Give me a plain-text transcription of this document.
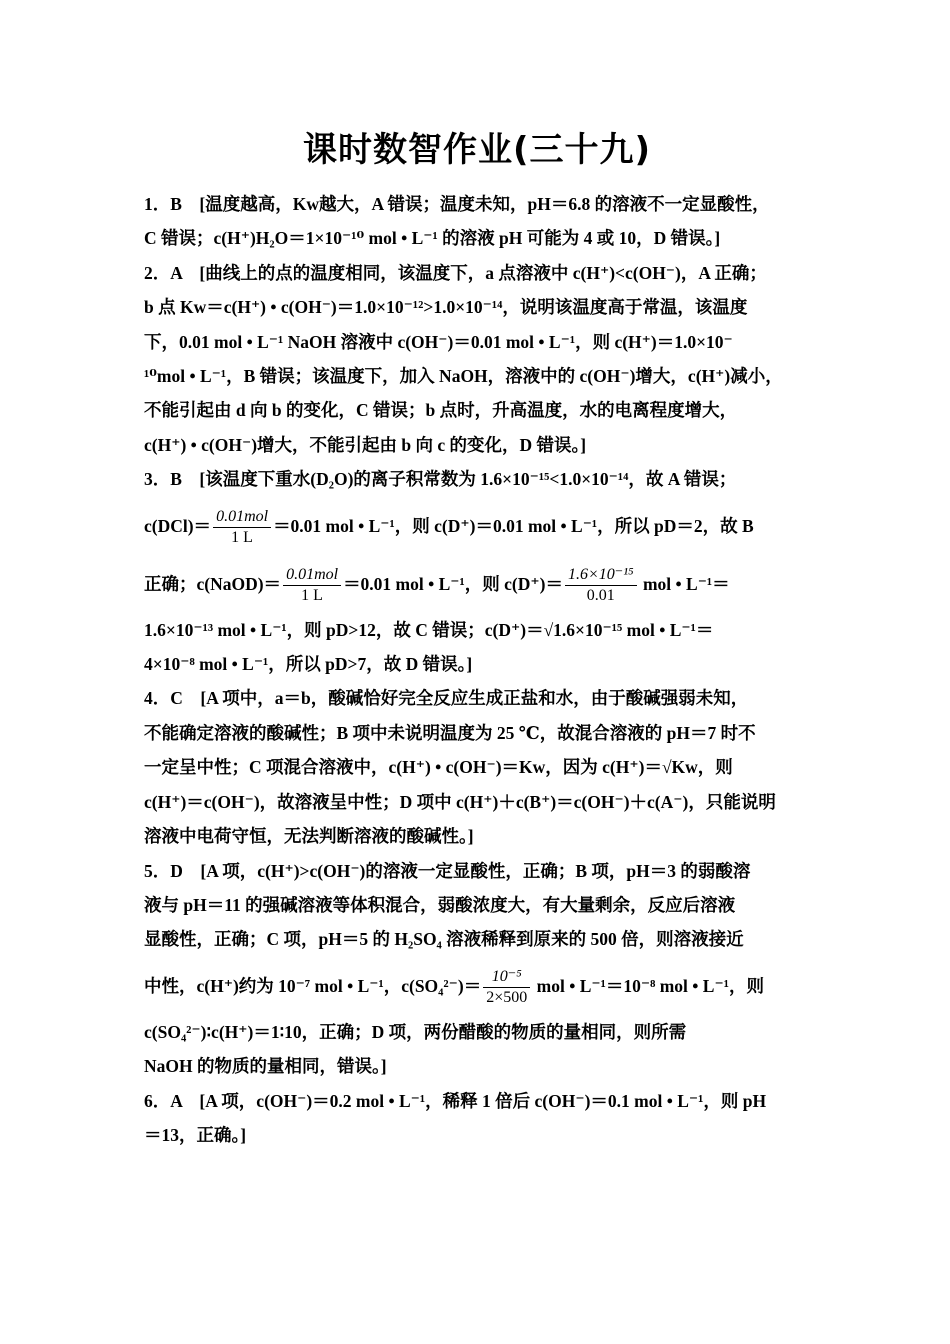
课时数智作业(三十九)

1．B　[温度越高，Kw越大，A 错误；温度未知，pH＝6.8 的溶液不一定显酸性，

C 错误；c(H⁺)H₂O＝1×10⁻¹⁰ mol • L⁻¹ 的溶液 pH 可能为 4 或 10，D 错误。]

2．A　[曲线上的点的温度相同，该温度下，a 点溶液中 c(H⁺)<c(OH⁻)，A 正确；

b 点 Kw＝c(H⁺) • c(OH⁻)＝1.0×10⁻¹²>1.0×10⁻¹⁴，说明该温度高于常温，该温度

下，0.01 mol • L⁻¹ NaOH 溶液中 c(OH⁻)＝0.01 mol • L⁻¹，则 c(H⁺)＝1.0×10⁻

¹⁰mol • L⁻¹，B 错误；该温度下，加入 NaOH，溶液中的 c(OH⁻)增大，c(H⁺)减小，

不能引起由 d 向 b 的变化，C 错误；b 点时，升高温度，水的电离程度增大，

c(H⁺) • c(OH⁻)增大，不能引起由 b 向 c 的变化，D 错误。]

3．B　[该温度下重水(D₂O)的离子积常数为 1.6×10⁻¹⁵<1.0×10⁻¹⁴，故 A 错误；

$c(DCl)= \frac{\text{0.01mol}}{1 L} =0.01$ mol • L⁻¹，则 c(D⁺)＝0.01 mol • L⁻¹，所以 pD＝2，故 B

正确；c(NaOD)＝ $\frac{\text{0.01mol}}{1 L} =0.01$ mol • L⁻¹，则 $c(D^+)= \frac{\text{1.6×10⁻¹⁵}}{0.01}$ mol • L⁻¹＝

1.6×10⁻¹³ mol • L⁻¹，则 pD>12，故 C 错误；c(D⁺)＝√1.6×10⁻¹⁵ mol • L⁻¹＝

4×10⁻⁸ mol • L⁻¹，所以 pD>7，故 D 错误。]

4．C　[A 项中，a＝b，酸碱恰好完全反应生成正盐和水，由于酸碱强弱未知，

不能确定溶液的酸碱性；B 项中未说明温度为 25 ℃，故混合溶液的 pH＝7 时不

一定呈中性；C 项混合溶液中，c(H⁺) • c(OH⁻)＝Kw，因为 c(H⁺)＝√Kw，则

c(H⁺)＝c(OH⁻)，故溶液呈中性；D 项中 c(H⁺)＋c(B⁺)＝c(OH⁻)＋c(A⁻)，只能说明

溶液中电荷守恒，无法判断溶液的酸碱性。]

5．D　[A 项，c(H⁺)>c(OH⁻)的溶液一定显酸性，正确；B 项，pH＝3 的弱酸溶

液与 pH＝11 的强碱溶液等体积混合，弱酸浓度大，有大量剩余，反应后溶液

显酸性，正确；C 项，pH＝5 的 H₂SO₄ 溶液稀释到原来的 500 倍，则溶液接近

中性，c(H⁺)约为 10⁻⁷ mol • L⁻¹，$c(SO_4^{2-})= \frac{\text{10⁻⁵}}{2\times 500}$ mol • L⁻¹＝10⁻⁸ mol • L⁻¹，则

c(SO₄²⁻)∶c(H⁺)＝1∶10，正确；D 项，两份醋酸的物质的量相同，则所需

NaOH 的物质的量相同，错误。]

6．A　[A 项，c(OH⁻)＝0.2 mol • L⁻¹，稀释 1 倍后 c(OH⁻)＝0.1 mol • L⁻¹，则 pH

＝13，正确。]
